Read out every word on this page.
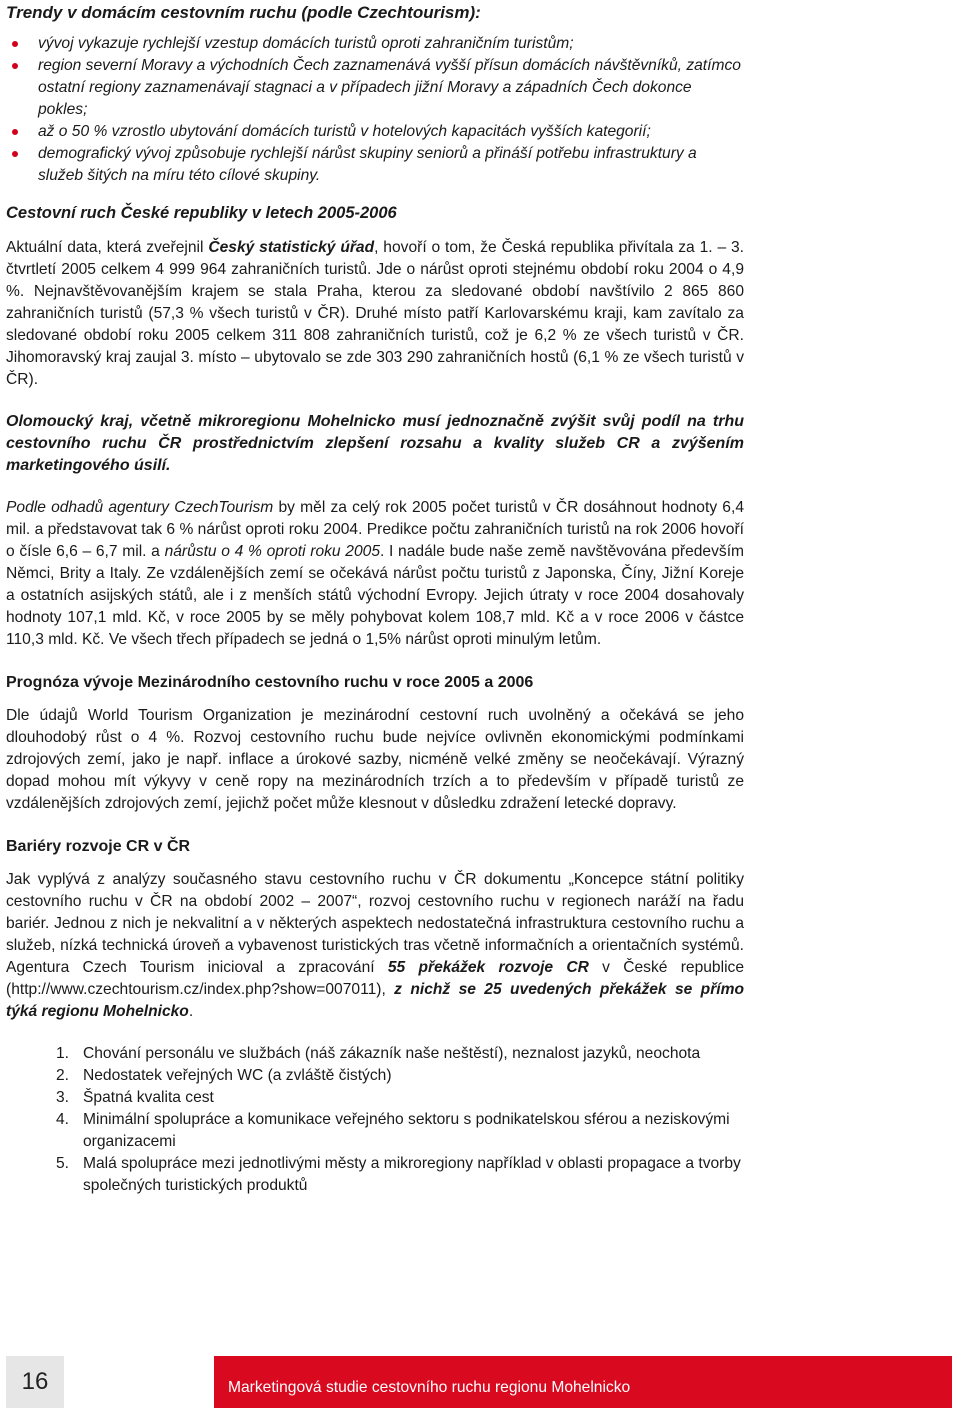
Trendy v domácím cestovním ruchu (podle Czechtourism):
vývoj vykazuje rychlejší vzestup domácích turistů oproti zahraničním turistům;
region severní Moravy a východních Čech zaznamenává vyšší přísun domácích návštěvníků, zatímco ostatní regiony zaznamenávají stagnaci a v případech jižní Moravy a západních Čech dokonce pokles;
až o 50 % vzrostlo ubytování domácích turistů v hotelových kapacitách vyšších kategorií;
demografický vývoj způsobuje rychlejší nárůst skupiny seniorů a přináší potřebu infrastruktury a služeb šitých na míru této cílové skupiny.
Cestovní ruch České republiky v letech 2005-2006

Aktuální data, která zveřejnil Český statistický úřad, hovoří o tom, že Česká republika přivítala za 1. – 3. čtvrtletí 2005 celkem 4 999 964 zahraničních turistů. Jde o nárůst oproti stejnému období roku 2004 o 4,9 %. Nejnavštěvovanějším krajem se stala Praha, kterou za sledované období navštívilo 2 865 860 zahraničních turistů (57,3 % všech turistů v ČR). Druhé místo patří Karlovarskému kraji, kam zavítalo za sledované období roku 2005 celkem 311 808 zahraničních turistů, což je 6,2 % ze všech turistů v ČR. Jihomoravský kraj zaujal 3. místo – ubytovalo se zde 303 290 zahraničních hostů (6,1 % ze všech turistů v ČR).

Olomoucký kraj, včetně mikroregionu Mohelnicko musí jednoznačně zvýšit svůj podíl na trhu cestovního ruchu ČR prostřednictvím zlepšení rozsahu a kvality služeb CR a zvýšením marketingového úsilí.

Podle odhadů agentury CzechTourism by měl za celý rok 2005 počet turistů v ČR dosáhnout hodnoty 6,4 mil. a představovat tak 6 % nárůst oproti roku 2004. Predikce počtu zahraničních turistů na rok 2006 hovoří o čísle 6,6 – 6,7 mil. a nárůstu o 4 % oproti roku 2005. I nadále bude naše země navštěvována především Němci, Brity a Italy. Ze vzdálenějších zemí se očekává nárůst počtu turistů z Japonska, Číny, Jižní Koreje a ostatních asijských států, ale i z menších států východní Evropy. Jejich útraty v roce 2004 dosahovaly hodnoty 107,1 mld. Kč, v roce 2005 by se měly pohybovat kolem 108,7 mld. Kč a v roce 2006 v částce 110,3 mld. Kč. Ve všech třech případech se jedná o 1,5% nárůst oproti minulým letům.

Prognóza vývoje Mezinárodního cestovního ruchu v roce 2005 a 2006

Dle údajů World Tourism Organization je mezinárodní cestovní ruch uvolněný a očekává se jeho dlouhodobý růst o 4 %. Rozvoj cestovního ruchu bude nejvíce ovlivněn ekonomickými podmínkami zdrojových zemí, jako je např. inflace a úrokové sazby, nicméně velké změny se neočekávají. Výrazný dopad mohou mít výkyvy v ceně ropy na mezinárodních trzích a to především v případě turistů ze vzdálenějších zdrojových zemí, jejichž počet může klesnout v důsledku zdražení letecké dopravy.

Bariéry rozvoje CR v ČR

Jak vyplývá z analýzy současného stavu cestovního ruchu v ČR dokumentu „Koncepce státní politiky cestovního ruchu v ČR na období 2002 – 2007“, rozvoj cestovního ruchu v regionech naráží na řadu bariér. Jednou z nich je nekvalitní a v některých aspektech nedostatečná infrastruktura cestovního ruchu a služeb, nízká technická úroveň a vybavenost turistických tras včetně informačních a orientačních systémů. Agentura Czech Tourism inicioval a zpracování 55 překážek rozvoje CR v České republice (http://www.czechtourism.cz/index.php?show=007011), z nichž se 25 uvedených překážek se přímo týká regionu Mohelnicko.

1. Chování personálu ve službách (náš zákazník naše neštěstí), neznalost jazyků, neochota
2. Nedostatek veřejných WC (a zvláště čistých)
3. Špatná kvalita cest
4. Minimální spolupráce a komunikace veřejného sektoru s podnikatelskou sférou a neziskovými organizacemi
5. Malá spolupráce mezi jednotlivými městy a mikroregiony například v oblasti propagace a tvorby společných turistických produktů
16	Marketingová studie cestovního ruchu regionu Mohelnicko
